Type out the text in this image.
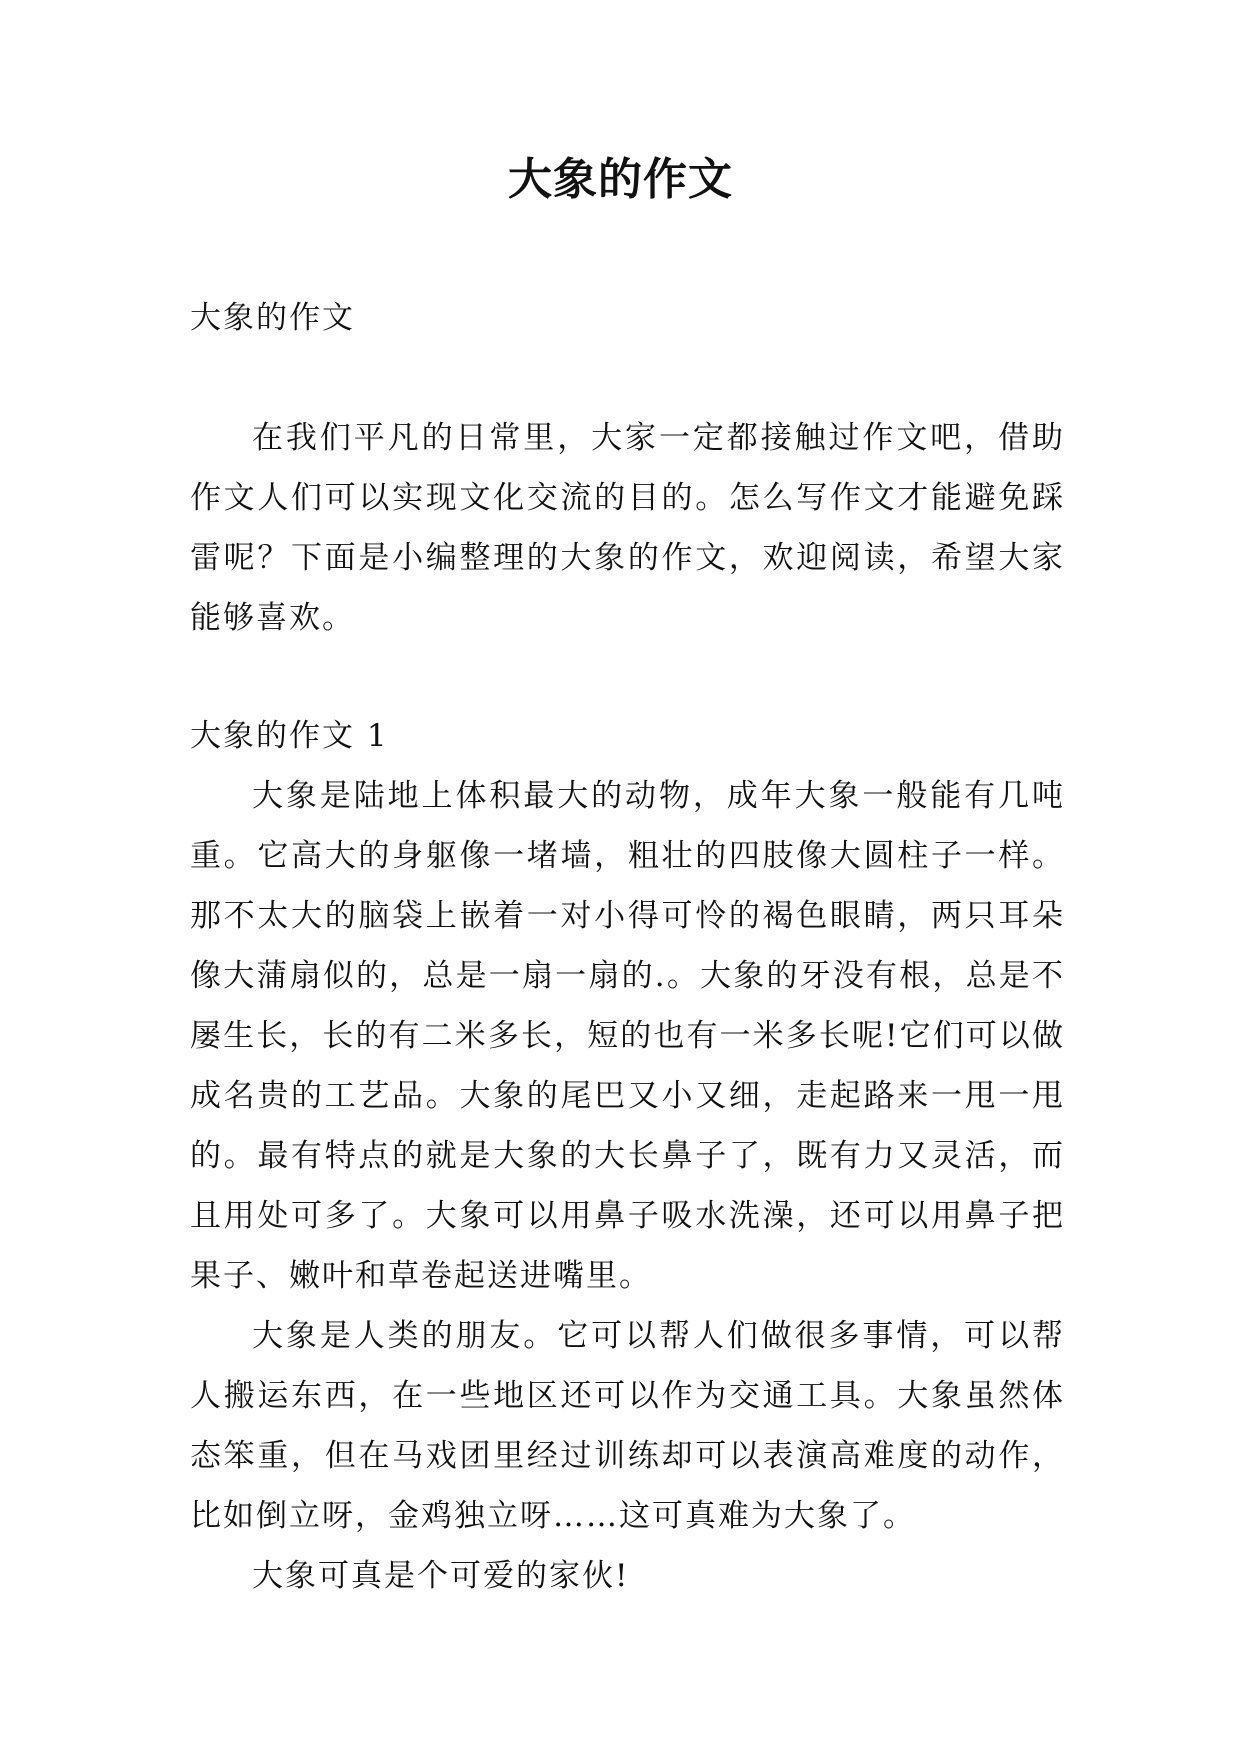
大象的作文

大象的作文

在我们平凡的日常里，大家一定都接触过作文吧，借助作文人们可以实现文化交流的目的。怎么写作文才能避免踩雷呢？下面是小编整理的大象的作文，欢迎阅读，希望大家能够喜欢。

大象的作文 1

大象是陆地上体积最大的动物，成年大象一般能有几吨重。它高大的身躯像一堵墙，粗壮的四肢像大圆柱子一样。那不太大的脑袋上嵌着一对小得可怜的褐色眼睛，两只耳朵像大蒲扇似的，总是一扇一扇的.。大象的牙没有根，总是不屡生长，长的有二米多长，短的也有一米多长呢!它们可以做成名贵的工艺品。大象的尾巴又小又细，走起路来一甩一甩的。最有特点的就是大象的大长鼻子了，既有力又灵活，而且用处可多了。大象可以用鼻子吸水洗澡，还可以用鼻子把果子、嫩叶和草卷起送进嘴里。

大象是人类的朋友。它可以帮人们做很多事情，可以帮人搬运东西，在一些地区还可以作为交通工具。大象虽然体态笨重，但在马戏团里经过训练却可以表演高难度的动作，比如倒立呀，金鸡独立呀……这可真难为大象了。

大象可真是个可爱的家伙!
